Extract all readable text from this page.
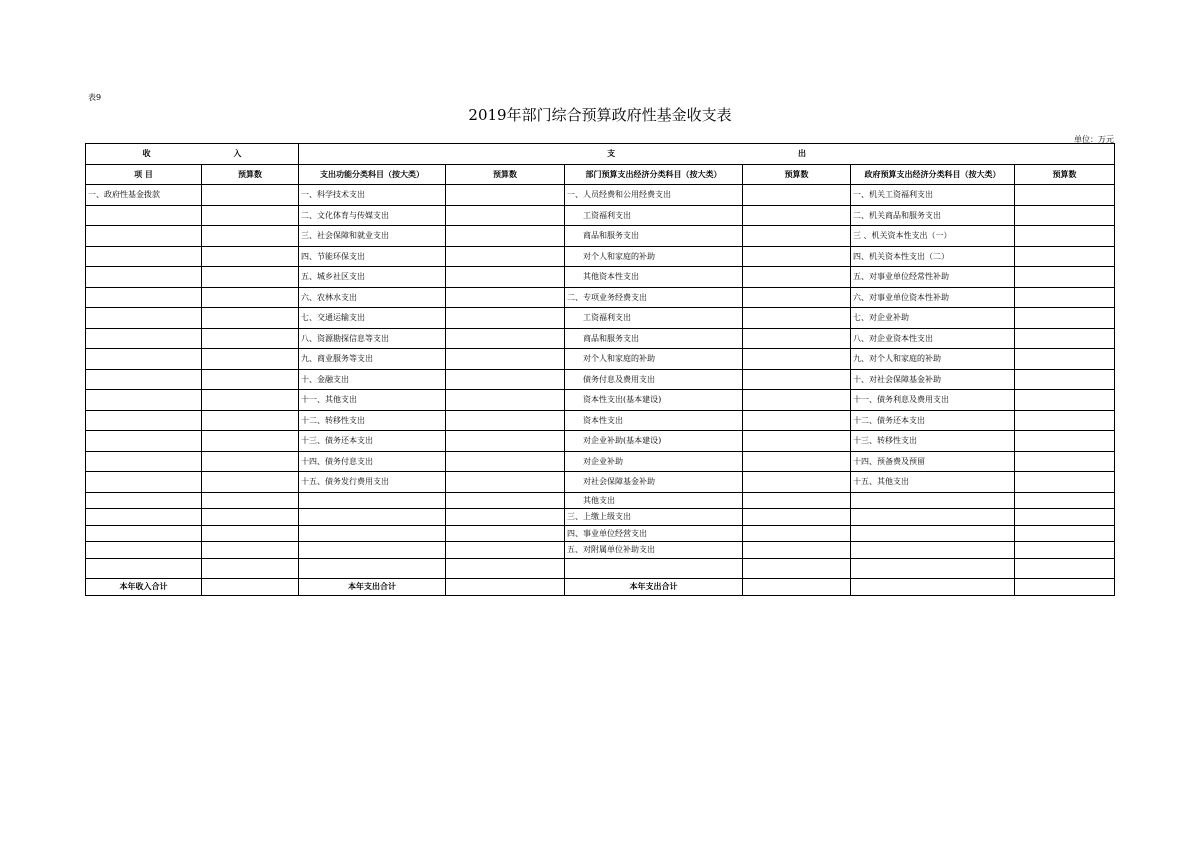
表9
2019年部门综合预算政府性基金收支表
单位：万元
收 入		支 出					
项 目	预算数	支出功能分类科目（按大类）	预算数	部门预算支出经济分类科目（按大类）	预算数	政府预算支出经济分类科目（按大类）	预算数
一、政府性基金拨款		一、科学技术支出		一、人员经费和公用经费支出		一、机关工资福利支出	
		二、文化体育与传媒支出		工资福利支出		二、机关商品和服务支出	
		三、社会保障和就业支出		商品和服务支出		三 、机关资本性支出（一）	
		四、节能环保支出		对个人和家庭的补助		四、机关资本性支出（二）	
		五、城乡社区支出		其他资本性支出		五、对事业单位经常性补助	
		六、农林水支出		二、专项业务经费支出		六、对事业单位资本性补助	
		七、交通运输支出		工资福利支出		七、对企业补助	
		八、资源勘探信息等支出		商品和服务支出		八、对企业资本性支出	
		九、商业服务等支出		对个人和家庭的补助		九、对个人和家庭的补助	
		十、金融支出		债务付息及费用支出		十、对社会保障基金补助	
		十一、其他支出		资本性支出(基本建设)		十一、债务利息及费用支出	
		十二、转移性支出		资本性支出		十二、债务还本支出	
		十三、债务还本支出		对企业补助(基本建设)		十三、转移性支出	
		十四、债务付息支出		对企业补助		十四、预备费及预留	
		十五、债务发行费用支出		对社会保障基金补助		十五、其他支出	
				其他支出			
				三、上缴上级支出			
				四、事业单位经营支出			
				五、对附属单位补助支出			

本年收入合计		本年支出合计		本年支出合计			
